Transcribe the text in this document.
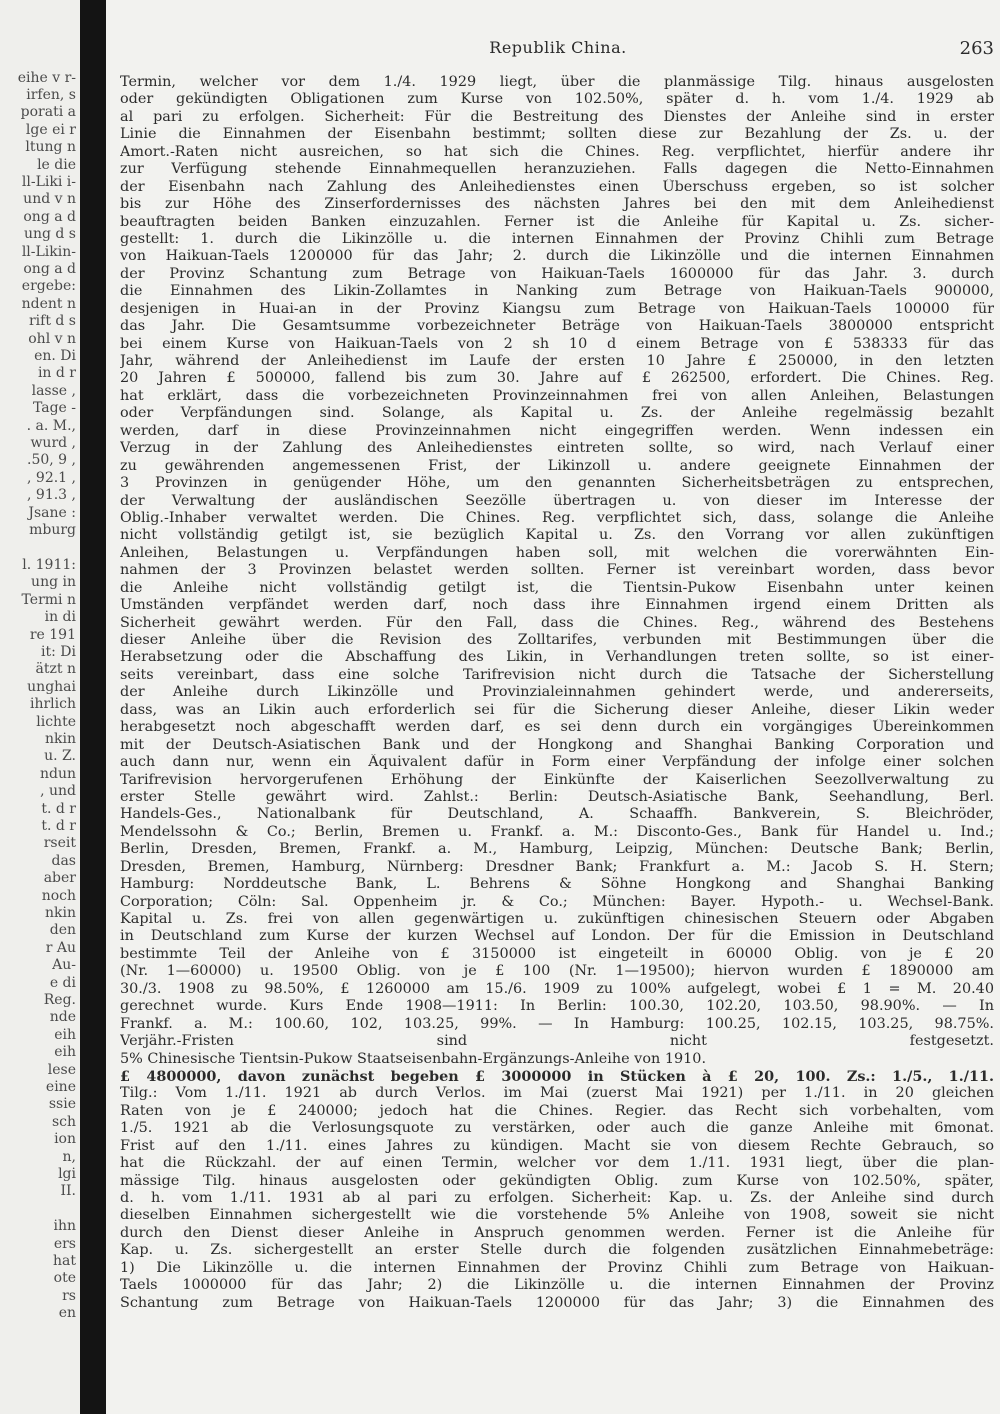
eihe v r-
irfen, s
porati a
lge ei r
ltung n
le die
ll-Liki i-
und v n
ong a d
ung d s
ll-Likin-
ong a d
ergebe:
ndent n
rift d s
ohl v n
en. Di
in d r
lasse ,
Tage -
. a. M.,
wurd ,
.50, 9 ,
, 92.1 ,
, 91.3 ,
Jsane :
mburg
l. 1911:
ung in
Termi n
in di
re 191
it: Di
ätzt n
unghai
ihrlich
lichte
nkin
u. Z.
ndun
, und
t. d r
t. d r
rseit
das
aber
noch
nkin
den
r Au
Au-
e di
Reg.
nde
eih
eih
lese
eine
ssie
sch
ion
n,
lgi
II.
ihn
ers
hat
ote
rs
en
Republik China.	263
Termin, welcher vor dem 1./4. 1929 liegt, über die planmässige Tilg. hinaus ausgelosten
oder gekündigten Obligationen zum Kurse von 102.50%, später d. h. vom 1./4. 1929 ab
al pari zu erfolgen. Sicherheit: Für die Bestreitung des Dienstes der Anleihe sind in erster
Linie die Einnahmen der Eisenbahn bestimmt; sollten diese zur Bezahlung der Zs. u. der
Amort.-Raten nicht ausreichen, so hat sich die Chines. Reg. verpflichtet, hierfür andere ihr
zur Verfügung stehende Einnahmequellen heranzuziehen. Falls dagegen die Netto-Einnahmen
der Eisenbahn nach Zahlung des Anleihedienstes einen Überschuss ergeben, so ist solcher
bis zur Höhe des Zinserfordernisses des nächsten Jahres bei den mit dem Anleihedienst
beauftragten beiden Banken einzuzahlen. Ferner ist die Anleihe für Kapital u. Zs. sicher-
gestellt: 1. durch die Likinzölle u. die internen Einnahmen der Provinz Chihli zum Betrage
von Haikuan-Taels 1200000 für das Jahr; 2. durch die Likinzölle und die internen Einnahmen
der Provinz Schantung zum Betrage von Haikuan-Taels 1600000 für das Jahr. 3. durch
die Einnahmen des Likin-Zollamtes in Nanking zum Betrage von Haikuan-Taels 900000,
desjenigen in Huai-an in der Provinz Kiangsu zum Betrage von Haikuan-Taels 100000 für
das Jahr. Die Gesamtsumme vorbezeichneter Beträge von Haikuan-Taels 3800000 entspricht
bei einem Kurse von Haikuan-Taels von 2 sh 10 d einem Betrage von £ 538333 für das
Jahr, während der Anleihedienst im Laufe der ersten 10 Jahre £ 250000, in den letzten
20 Jahren £ 500000, fallend bis zum 30. Jahre auf £ 262500, erfordert. Die Chines. Reg.
hat erklärt, dass die vorbezeichneten Provinzeinnahmen frei von allen Anleihen, Belastungen
oder Verpfändungen sind. Solange, als Kapital u. Zs. der Anleihe regelmässig bezahlt
werden, darf in diese Provinzeinnahmen nicht eingegriffen werden. Wenn indessen ein
Verzug in der Zahlung des Anleihedienstes eintreten sollte, so wird, nach Verlauf einer
zu gewährenden angemessenen Frist, der Likinzoll u. andere geeignete Einnahmen der
3 Provinzen in genügender Höhe, um den genannten Sicherheitsbeträgen zu entsprechen,
der Verwaltung der ausländischen Seezölle übertragen u. von dieser im Interesse der
Oblig.-Inhaber verwaltet werden. Die Chines. Reg. verpflichtet sich, dass, solange die Anleihe
nicht vollständig getilgt ist, sie bezüglich Kapital u. Zs. den Vorrang vor allen zukünftigen
Anleihen, Belastungen u. Verpfändungen haben soll, mit welchen die vorerwähnten Ein-
nahmen der 3 Provinzen belastet werden sollten. Ferner ist vereinbart worden, dass bevor
die Anleihe nicht vollständig getilgt ist, die Tientsin-Pukow Eisenbahn unter keinen
Umständen verpfändet werden darf, noch dass ihre Einnahmen irgend einem Dritten als
Sicherheit gewährt werden. Für den Fall, dass die Chines. Reg., während des Bestehens
dieser Anleihe über die Revision des Zolltarifes, verbunden mit Bestimmungen über die
Herabsetzung oder die Abschaffung des Likin, in Verhandlungen treten sollte, so ist einer-
seits vereinbart, dass eine solche Tarifrevision nicht durch die Tatsache der Sicherstellung
der Anleihe durch Likinzölle und Provinzialeinnahmen gehindert werde, und andererseits,
dass, was an Likin auch erforderlich sei für die Sicherung dieser Anleihe, dieser Likin weder
herabgesetzt noch abgeschafft werden darf, es sei denn durch ein vorgängiges Übereinkommen
mit der Deutsch-Asiatischen Bank und der Hongkong and Shanghai Banking Corporation und
auch dann nur, wenn ein Äquivalent dafür in Form einer Verpfändung der infolge einer solchen
Tarifrevision hervorgerufenen Erhöhung der Einkünfte der Kaiserlichen Seezollverwaltung zu
erster Stelle gewährt wird. Zahlst.: Berlin: Deutsch-Asiatische Bank, Seehandlung, Berl.
Handels-Ges., Nationalbank für Deutschland, A. Schaaffh. Bankverein, S. Bleichröder,
Mendelssohn & Co.; Berlin, Bremen u. Frankf. a. M.: Disconto-Ges., Bank für Handel u. Ind.;
Berlin, Dresden, Bremen, Frankf. a. M., Hamburg, Leipzig, München: Deutsche Bank; Berlin,
Dresden, Bremen, Hamburg, Nürnberg: Dresdner Bank; Frankfurt a. M.: Jacob S. H. Stern;
Hamburg: Norddeutsche Bank, L. Behrens & Söhne Hongkong and Shanghai Banking
Corporation; Cöln: Sal. Oppenheim jr. & Co.; München: Bayer. Hypoth.- u. Wechsel-Bank.
Kapital u. Zs. frei von allen gegenwärtigen u. zukünftigen chinesischen Steuern oder Abgaben
in Deutschland zum Kurse der kurzen Wechsel auf London. Der für die Emission in Deutschland
bestimmte Teil der Anleihe von £ 3150000 ist eingeteilt in 60000 Oblig. von je £ 20
(Nr. 1—60000) u. 19500 Oblig. von je £ 100 (Nr. 1—19500); hiervon wurden £ 1890000 am
30./3. 1908 zu 98.50%, £ 1260000 am 15./6. 1909 zu 100% aufgelegt, wobei £ 1 = M. 20.40
gerechnet wurde. Kurs Ende 1908—1911: In Berlin: 100.30, 102.20, 103.50, 98.90%. — In
Frankf. a. M.: 100.60, 102, 103.25, 99%. — In Hamburg: 100.25, 102.15, 103.25, 98.75%.
Verjähr.-Fristen sind nicht festgesetzt.
5% Chinesische Tientsin-Pukow Staatseisenbahn-Ergänzungs-Anleihe von 1910.
£ 4800000, davon zunächst begeben £ 3000000 in Stücken à £ 20, 100. Zs.: 1./5., 1./11.
Tilg.: Vom 1./11. 1921 ab durch Verlos. im Mai (zuerst Mai 1921) per 1./11. in 20 gleichen
Raten von je £ 240000; jedoch hat die Chines. Regier. das Recht sich vorbehalten, vom
1./5. 1921 ab die Verlosungsquote zu verstärken, oder auch die ganze Anleihe mit 6monat.
Frist auf den 1./11. eines Jahres zu kündigen. Macht sie von diesem Rechte Gebrauch, so
hat die Rückzahl. der auf einen Termin, welcher vor dem 1./11. 1931 liegt, über die plan-
mässige Tilg. hinaus ausgelosten oder gekündigten Oblig. zum Kurse von 102.50%, später,
d. h. vom 1./11. 1931 ab al pari zu erfolgen. Sicherheit: Kap. u. Zs. der Anleihe sind durch
dieselben Einnahmen sichergestellt wie die vorstehende 5% Anleihe von 1908, soweit sie nicht
durch den Dienst dieser Anleihe in Anspruch genommen werden. Ferner ist die Anleihe für
Kap. u. Zs. sichergestellt an erster Stelle durch die folgenden zusätzlichen Einnahmebeträge:
1) Die Likinzölle u. die internen Einnahmen der Provinz Chihli zum Betrage von Haikuan-
Taels 1000000 für das Jahr; 2) die Likinzölle u. die internen Einnahmen der Provinz
Schantung zum Betrage von Haikuan-Taels 1200000 für das Jahr; 3) die Einnahmen des
